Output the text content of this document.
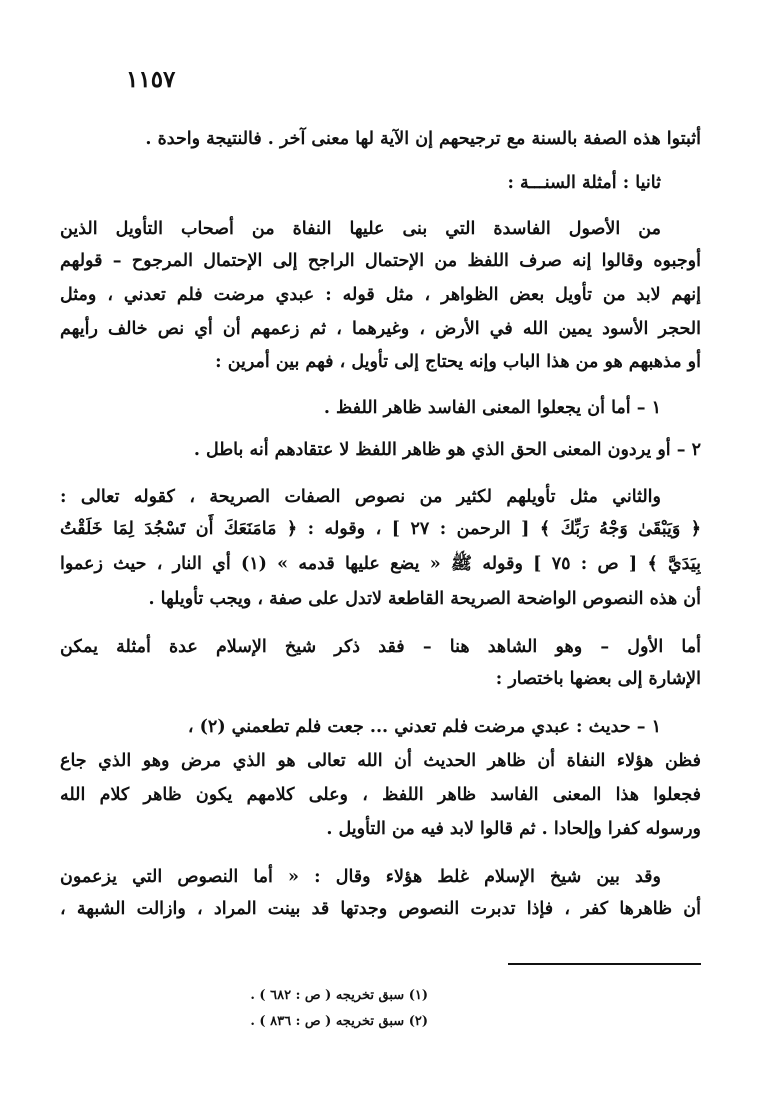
١١٥٧
أثبتوا هذه الصفة بالسنة مع ترجيحهم إن الآية لها معنى آخر . فالنتيجة واحدة .
ثانيا : أمثلة السنـــة :
من الأصول الفاسدة التي بنى عليها النفاة من أصحاب التأويل الذين
أوجبوه وقالوا إنه صرف اللفظ من الإحتمال الراجح إلى الإحتمال المرجوح – قولهم
إنهم لابد من تأويل بعض الظواهر ، مثل قوله : عبدي مرضت فلم تعدني ، ومثل
الحجر الأسود يمين الله في الأرض ، وغيرهما ، ثم زعمهم أن أي نص خالف رأيهم
أو مذهبهم هو من هذا الباب وإنه يحتاج إلى تأويل ، فهم بين أمرين :
١ – أما أن يجعلوا المعنى الفاسد ظاهر اللفظ .
٢ – أو يردون المعنى الحق الذي هو ظاهر اللفظ لا عتقادهم أنه باطل .
والثاني مثل تأويلهم لكثير من نصوص الصفات الصريحة ، كقوله تعالى :
﴿ وَيَبْقَىٰ وَجْهُ رَبِّكَ ﴾ [ الرحمن : ٢٧ ] ، وقوله : ﴿ مَامَنَعَكَ أَن تَسْجُدَ لِمَا خَلَقْتُ
بِيَدَيَّ ﴾ [ ص : ٧٥ ] وقوله ﷺ « يضع عليها قدمه » (١) أي النار ، حيث زعموا
أن هذه النصوص الواضحة الصريحة القاطعة لاتدل على صفة ، ويجب تأويلها .
أما الأول – وهو الشاهد هنا – فقد ذكر شيخ الإسلام عدة أمثلة يمكن
الإشارة إلى بعضها باختصار :
١ – حديث : عبدي مرضت فلم تعدني ... جعت فلم تطعمني (٢) ،
فظن هؤلاء النفاة أن ظاهر الحديث أن الله تعالى هو الذي مرض وهو الذي جاع
فجعلوا هذا المعنى الفاسد ظاهر اللفظ ، وعلى كلامهم يكون ظاهر كلام الله
ورسوله كفرا وإلحادا . ثم قالوا لابد فيه من التأويل .
وقد بين شيخ الإسلام غلط هؤلاء وقال : « أما النصوص التي يزعمون
أن ظاهرها كفر ، فإذا تدبرت النصوص وجدتها قد بينت المراد ، وازالت الشبهة ،
(١) سبق تخريجه ( ص : ٦٨٢ ) .
(٢) سبق تخريجه ( ص : ٨٣٦ ) .
